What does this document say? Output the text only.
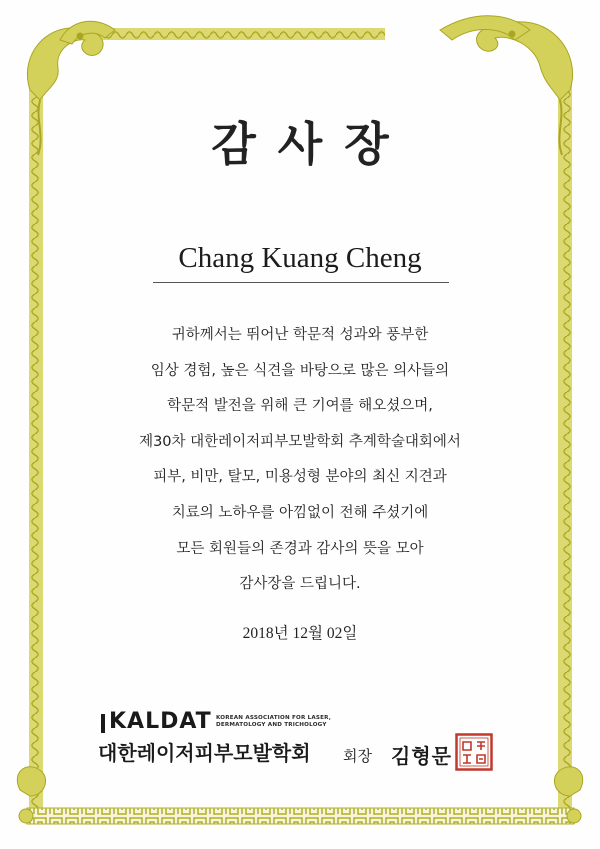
감사장
Chang Kuang Cheng
귀하께서는 뛰어난 학문적 성과와 풍부한
임상 경험, 높은 식견을 바탕으로 많은 의사들의
학문적 발전을 위해 큰 기여를 해오셨으며,
제30차 대한레이저피부모발학회 추계학술대회에서
피부, 비만, 탈모, 미용성형 분야의 최신 지견과
치료의 노하우를 아낌없이 전해 주셨기에
모든 회원들의 존경과 감사의 뜻을 모아
감사장을 드립니다.
2018년 12월 02일
KALDAT KOREAN ASSOCIATION FOR LASER, DERMATOLOGY AND TRICHOLOGY
대한레이저피부모발학회 회장 김형문
